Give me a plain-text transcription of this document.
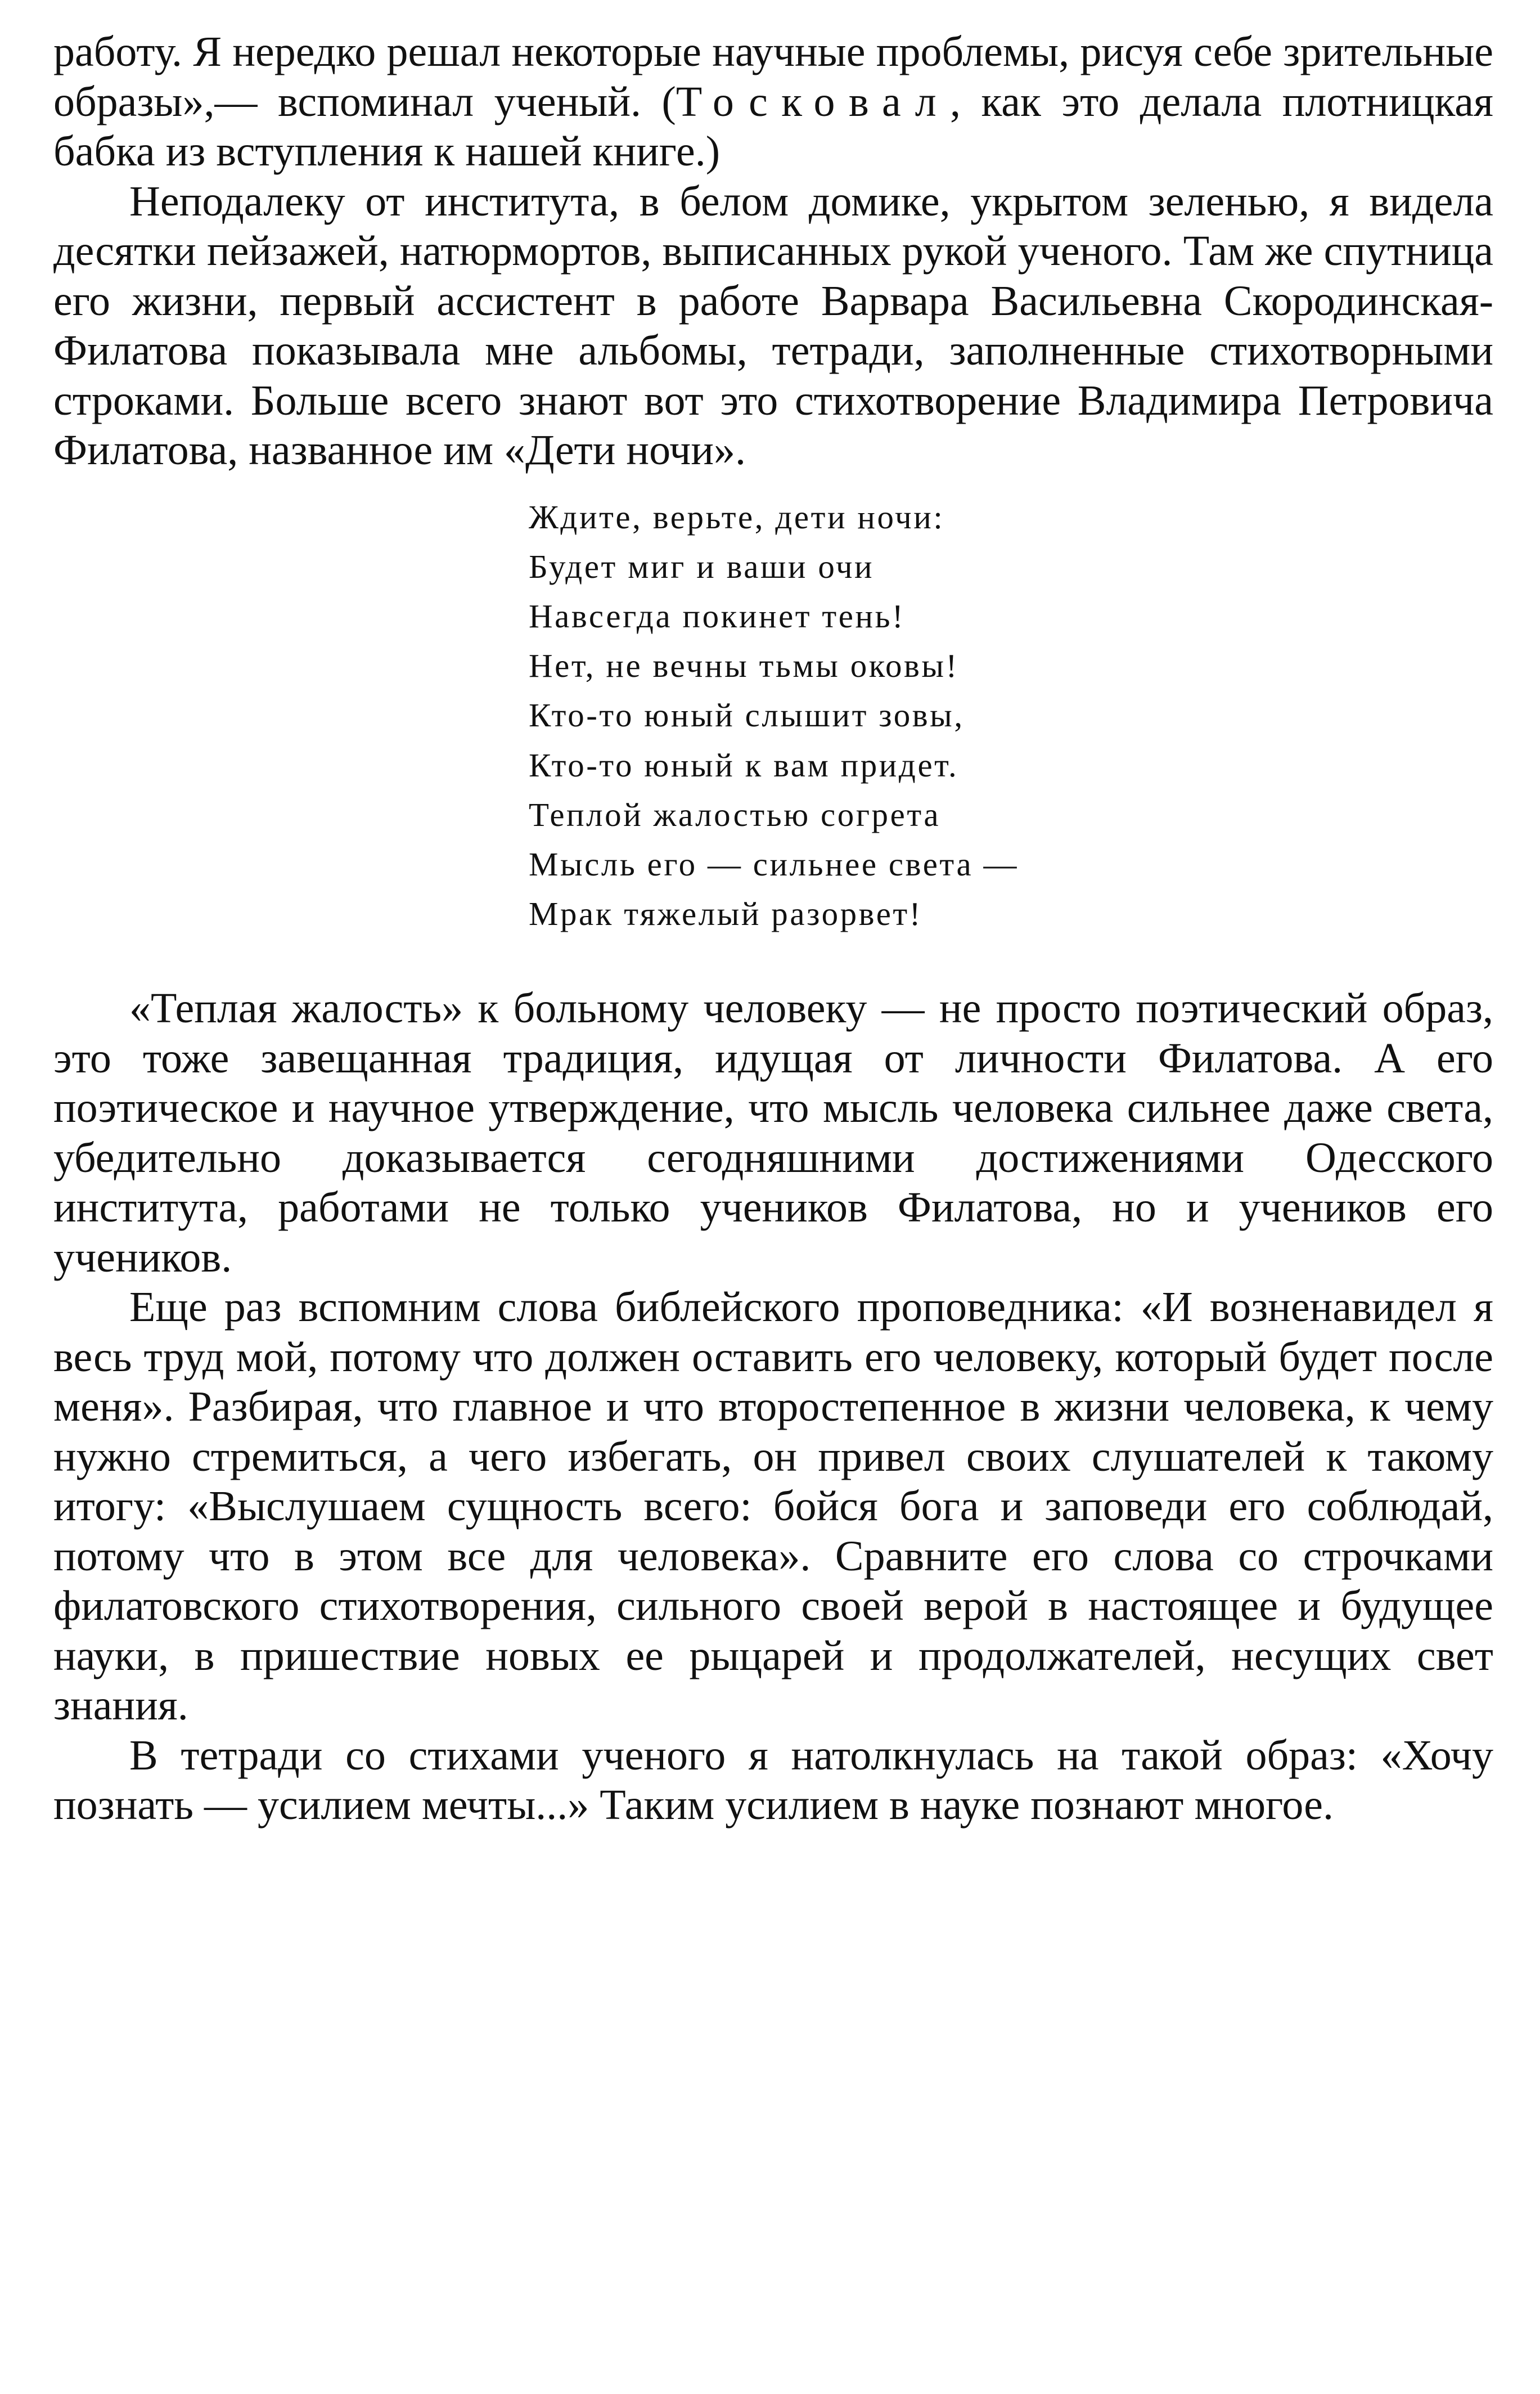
работу. Я нередко решал некоторые научные проблемы, рисуя себе зрительные образы»,— вспоминал ученый. (Тосковал, как это делала плотницкая бабка из вступления к нашей книге.)

Неподалеку от института, в белом домике, укрытом зеленью, я видела десятки пейзажей, натюрмортов, выписанных рукой ученого. Там же спутница его жизни, первый ассистент в работе Варвара Васильевна Скородинская-Филатова показывала мне альбомы, тетради, заполненные стихотворными строками. Больше всего знают вот это стихотворение Владимира Петровича Филатова, названное им «Дети ночи».

Ждите, верьте, дети ночи:
Будет миг и ваши очи
Навсегда покинет тень!
Нет, не вечны тьмы оковы!
Кто-то юный слышит зовы,
Кто-то юный к вам придет.
Теплой жалостью согрета
Мысль его — сильнее света —
Мрак тяжелый разорвет!

«Теплая жалость» к больному человеку — не просто поэтический образ, это тоже завещанная традиция, идущая от личности Филатова. А его поэтическое и научное утверждение, что мысль человека сильнее даже света, убедительно доказывается сегодняшними достижениями Одесского института, работами не только учеников Филатова, но и учеников его учеников.

Еще раз вспомним слова библейского проповедника: «И возненавидел я весь труд мой, потому что должен оставить его человеку, который будет после меня». Разбирая, что главное и что второстепенное в жизни человека, к чему нужно стремиться, а чего избегать, он привел своих слушателей к такому итогу: «Выслушаем сущность всего: бойся бога и заповеди его соблюдай, потому что в этом все для человека». Сравните его слова со строчками филатовского стихотворения, сильного своей верой в настоящее и будущее науки, в пришествие новых ее рыцарей и продолжателей, несущих свет знания.

В тетради со стихами ученого я натолкнулась на такой образ: «Хочу познать — усилием мечты...» Таким усилием в науке познают многое.
